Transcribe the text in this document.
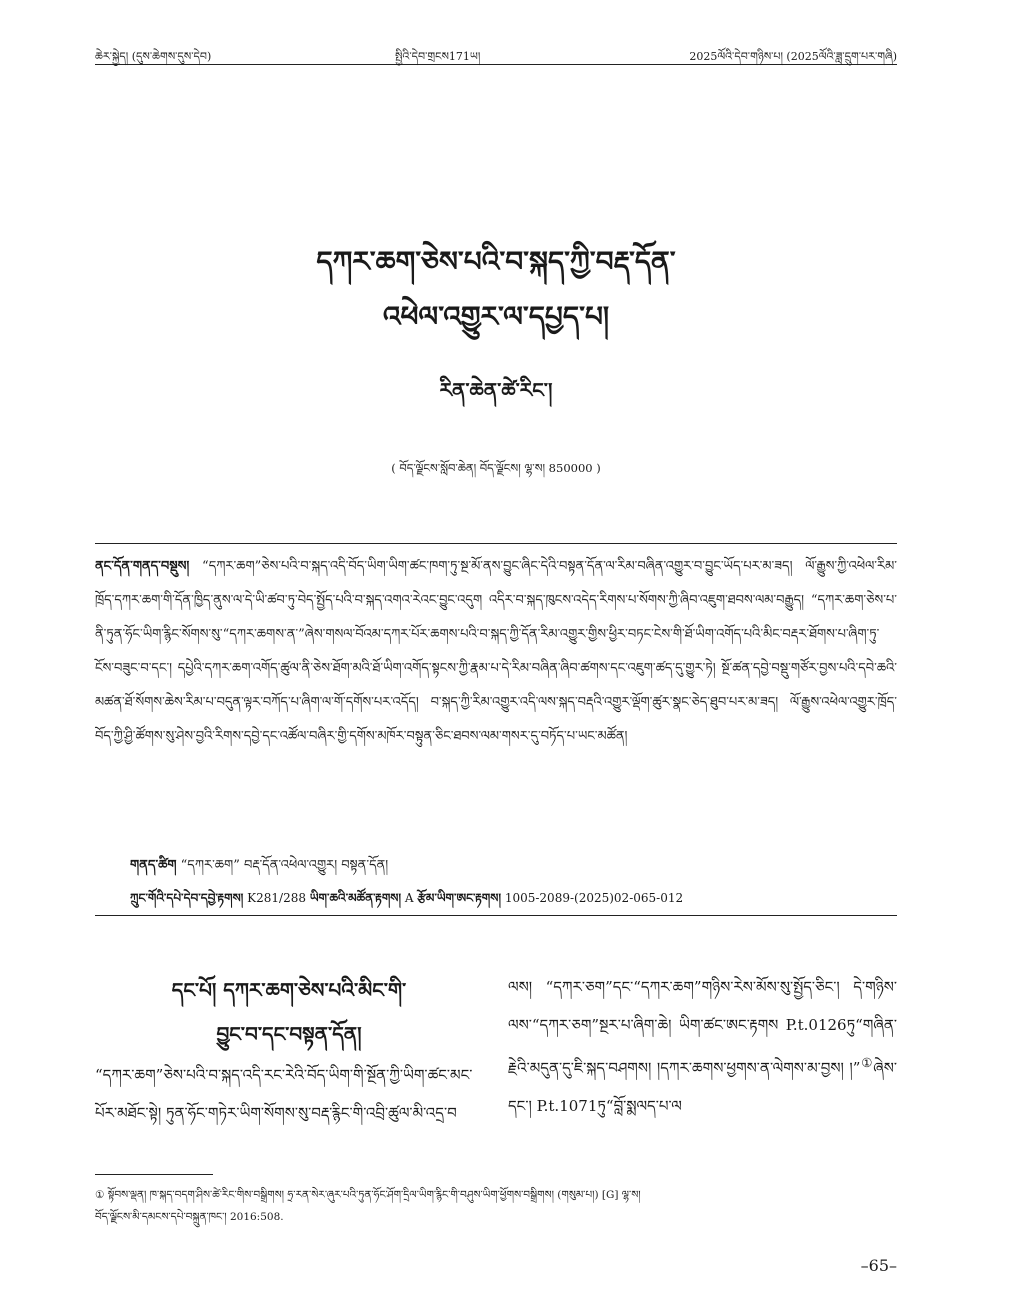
ཆེར་སྐྱེད། (དུས་ཆེགས་དུས་དེབ)	སྤྱིའི་དེབ་གྲངས171ཡ།	2025ལོའི་དེབ་གཉིས་པ། (2025ལོའི་ཟླ་དྲུག་པར་གཞི)
དཀར་ཆག་ཅེས་པའི་བ་སྐད་ཀྱི་བརྡ་དོན་
འཕེལ་འགྱུར་ལ་དཔྱད་པ།
རིན་ཆེན་ཚེ་རིང་།
( བོད་ལྗོངས་སློབ་ཆེན། བོད་ལྗོངས། ལྷ་ས། 850000 )
ནང་དོན་གནད་བསྡུས། “དཀར་ཆག”ཅེས་པའི་བ་སྐད་འདི་བོད་ཡིག་ཡིག་ཚང་ཁག་ཏུ་སྔ་མོ་ནས་བྱུང་ཞིང་དེའི་བསྟན་དོན་ལ་རིམ་བཞིན་འགྱུར་བ་བྱུང་ཡོད་པར་མ་ཟད། ལོ་རྒྱུས་ཀྱི་འཕེལ་རིམ་ཁྲོད་དཀར་ཆག་གི་དོན་ཁྱིད་ནུས་ལ་དེ་ཡི་ཚབ་ཏུ་བེད་སྤྱོད་པའི་བ་སྐད་འགའ་རེའང་བྱུང་འདུག འདིར་བ་སྐད་ཁུངས་འདེད་རིགས་པ་སོགས་ཀྱི་ཞིབ་འཇུག་ཐབས་ལམ་བརྒྱུད། “དཀར་ཆག་ཅེས་པ་ནི་ཏུན་ཧོང་ཡིག་རྙིང་སོགས་སུ་“དཀར་ཆགས་ན་”ཞེས་གསལ་བོའམ་དཀར་པོར་ཆགས་པའི་བ་སྐད་ཀྱི་དོན་རིམ་འགྱུར་གྱིས་ཕྱིར་བཏང་ངེས་གི་ཐོ་ཡིག་འགོད་པའི་མིང་བརྡར་ཐོགས་པ་ཞིག་ཏུ་ངོས་བཟུང་བ་དང་། དཔྱེའི་དཀར་ཆག་འགོད་ཚུལ་ནི་ཅེས་ཐོག་མའི་ཐོ་ཡིག་འགོད་སྟངས་ཀྱི་རྣམ་པ་དེ་རིམ་བཞིན་ཞིབ་ཚགས་དང་འཇུག་ཚད་དུ་གྱུར་ཏེ། སྔོ་ཚན་དབྱེ་བསྡུ་གཙོར་བྱས་པའི་དབེ་ཆའི་མཚན་ཐོ་སོགས་ཆེས་རིམ་པ་བདུན་ལྟར་བཀོད་པ་ཞིག་ལ་གོ་དགོས་པར་འདོད། བ་སྐད་ཀྱི་རིམ་འགྱུར་འདི་ལས་སྐད་བརྡའི་འགྱུར་ལྡོག་ཚུར་སྣང་ཅེད་ཐུབ་པར་མ་ཟད། ལོ་རྒྱུས་འཕེལ་འགྱུར་ཁྲོད་བོད་ཀྱི་ཤྱི་ཚོགས་སུ་ཤེས་བྱའི་རིགས་དབྱེ་དང་འཚོལ་བཞིར་གྱི་དགོས་མཁོར་བསྟུན་ཅིང་ཐབས་ལམ་གསར་དུ་བཏོད་པ་ཡང་མཚོན།
གནད་ཚིག “དཀར་ཆག” བརྡ་དོན་འཕེལ་འགྱུར། བསྟན་དོན།
ཀྲུང་གོའི་དཔེ་དེབ་དབྱེ་རྟགས། K281/288 ཡིག་ཆའི་མཚོན་རྟགས། A རྩོམ་ཡིག་ཨང་རྟགས། 1005-2089-(2025)02-065-012
དང་པོ། དཀར་ཆག་ཅེས་པའི་མིང་གི་
བྱུང་བ་དང་བསྟན་དོན།
“དཀར་ཆག”ཅེས་པའི་བ་སྐད་འདི་རང་རེའི་བོད་ཡིག་གི་སྔོན་ཀྱི་ཡིག་ཚང་མང་པོར་མཐོང་སྟེ། ཏུན་ཧོང་གཏེར་ཡིག་སོགས་སུ་བརྡ་རྙིང་གི་འབྲི་ཚུལ་མི་འདྲ་བ
ལས། “དཀར་ཅག”དང་“དཀར་ཆག”གཉིས་རེས་མོས་སུ་སྤྱོད་ཅིང་། དེ་གཉིས་ལས་“དཀར་ཅག”སྔར་པ་ཞིག་ཆེ། ཡིག་ཚང་ཨང་རྟགས P.t.0126ཏུ“གཞིན་རྗེའི་མདུན་དུ་ཇི་སྐད་བཤགས། །དཀར་ཆགས་ཕྱགས་ན་ལེགས་མ་བྱས། །”①ཞེས་དང་། P.t.1071ཏུ“བློ་སྨལད་པ་ལ
① སྟོབས་ལྡན། ཁ་སྐད་བདག་ཤིས་ཚེ་རིང་གིས་བསྒྲིགས། ཧྲ་རན་སེར་ཞུར་པའི་ཏུན་ཧོང་ཤོག་དྲིལ་ཡིག་རྙིང་གི་བཤུས་ཡིག་ཕྱོགས་བསྒྲིགས། (གསུམ་པ།) [G] ལྷ་ས།
བོད་ལྗོངས་མི་དམངས་དཔེ་བསྐྲུན་ཁང་། 2016:508.
–65–
